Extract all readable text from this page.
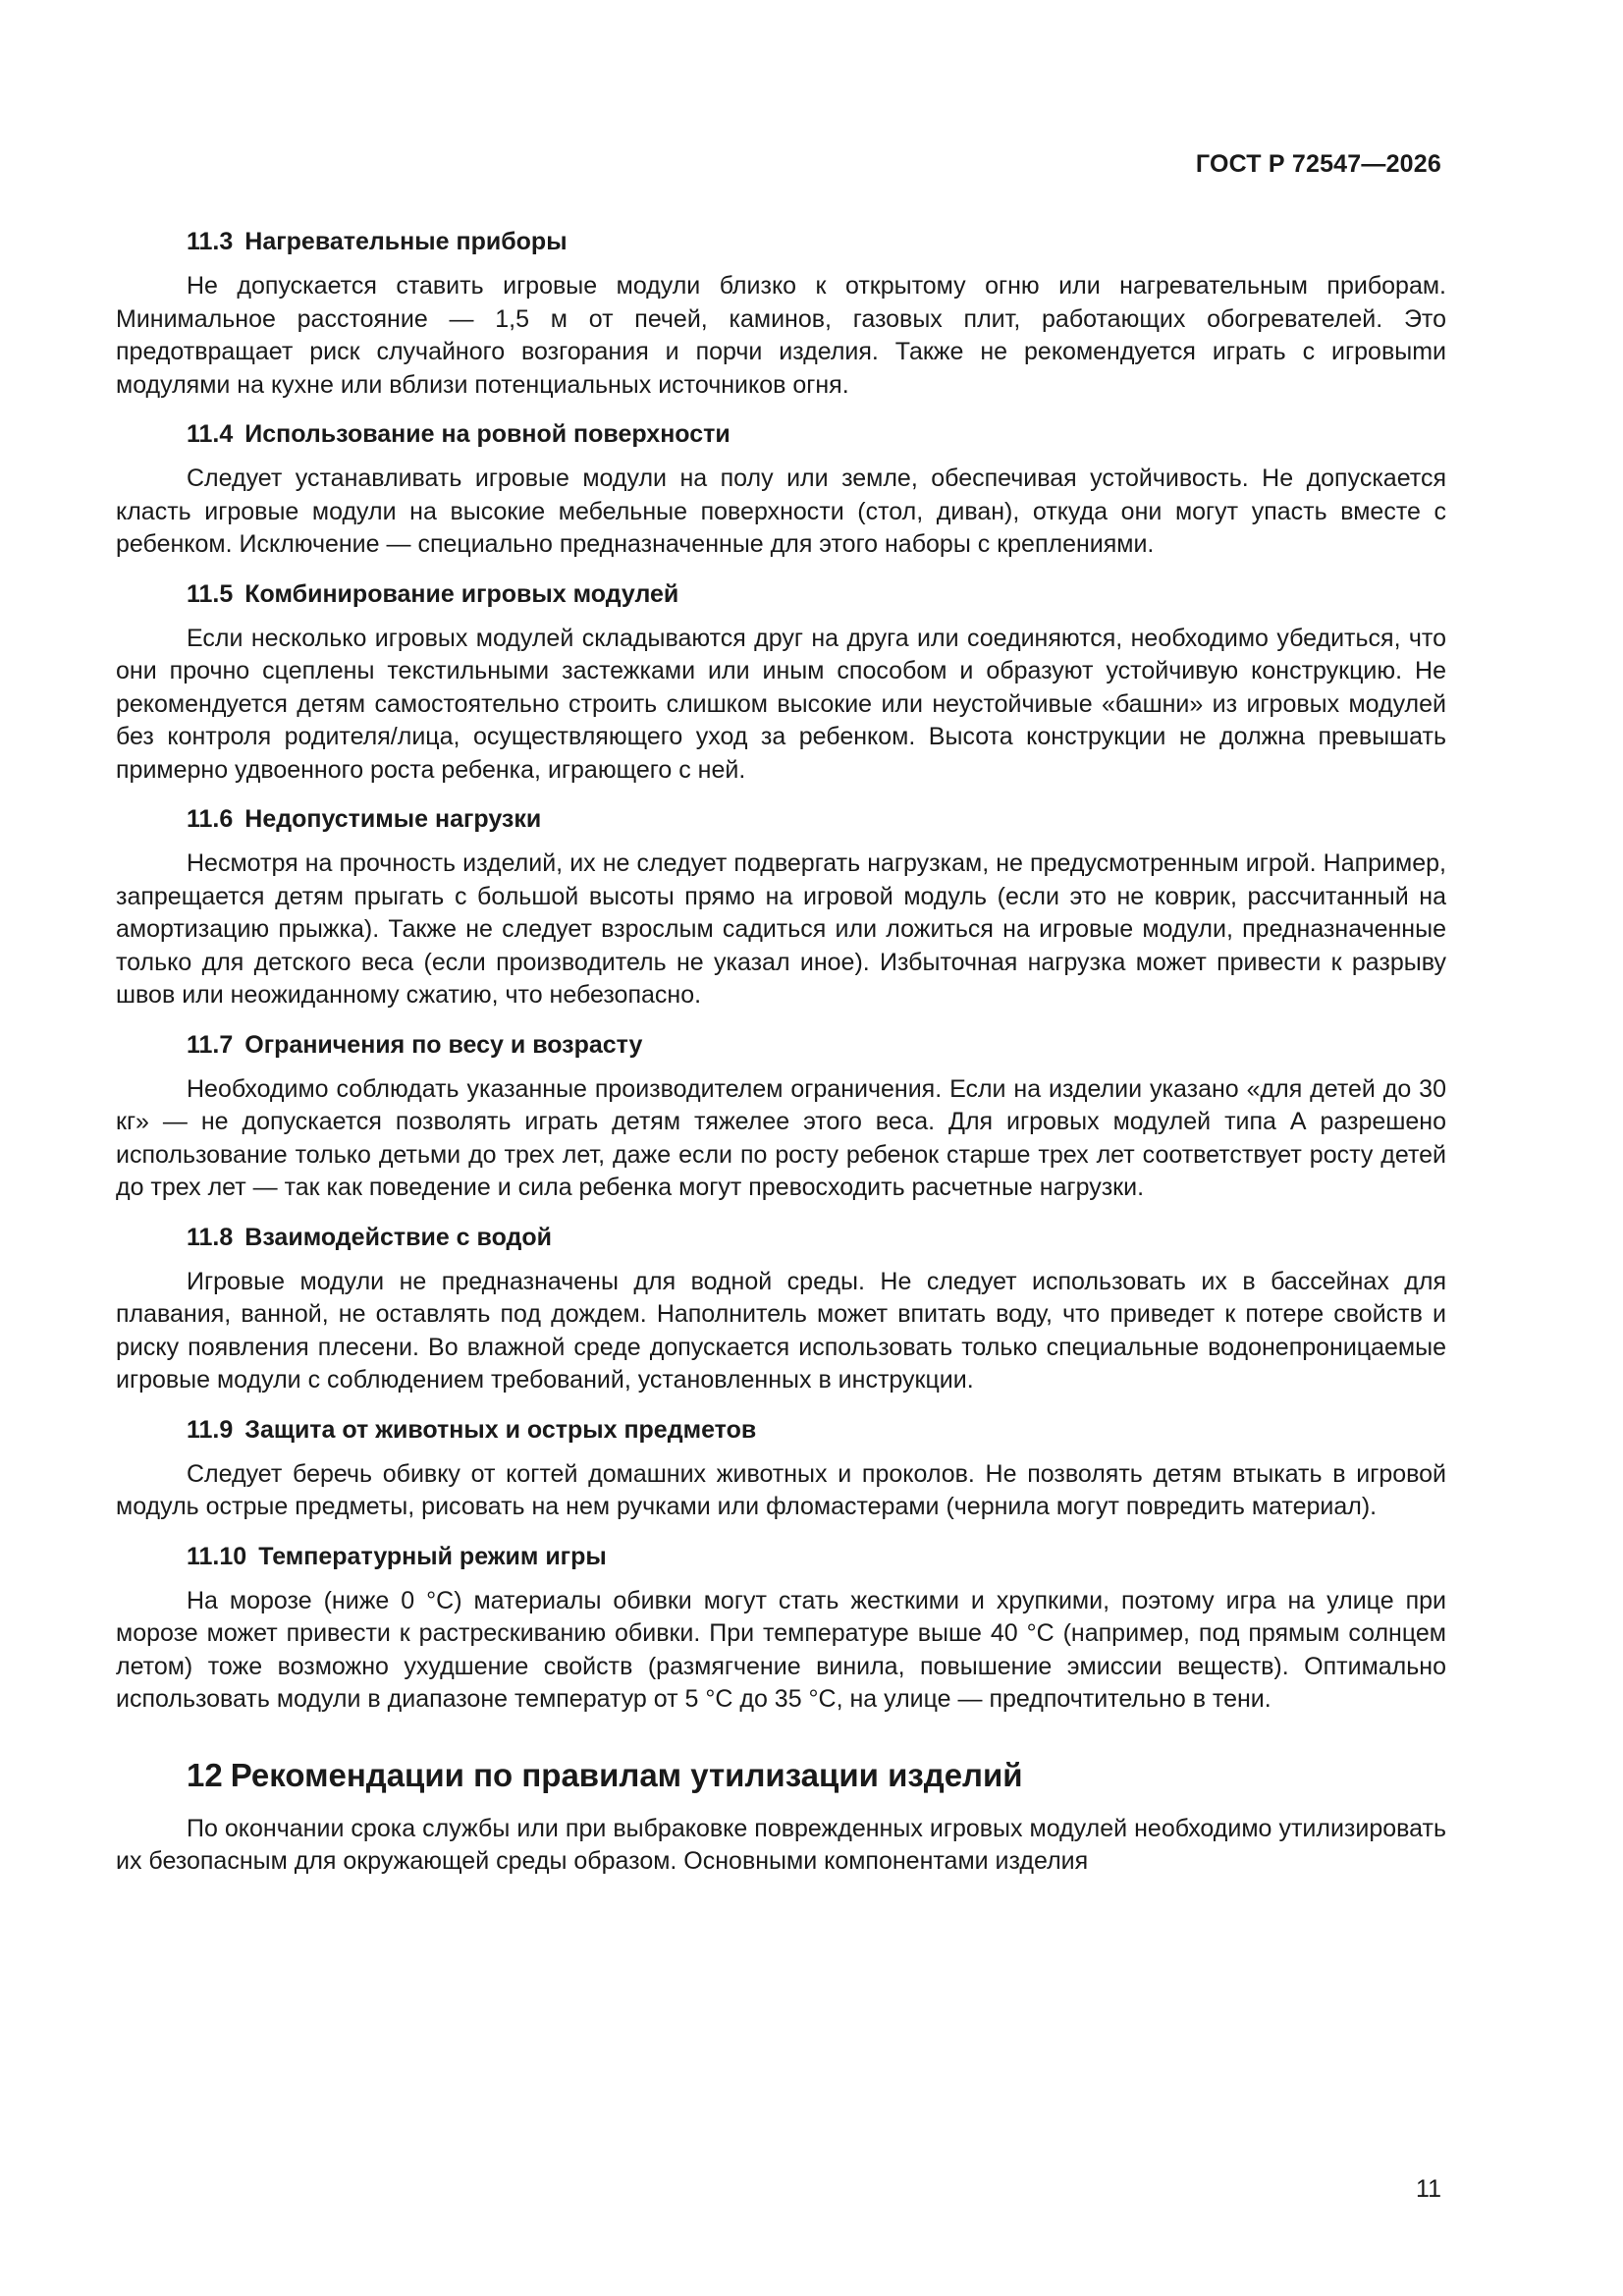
ГОСТ Р 72547—2026
11.3 Нагревательные приборы

Не допускается ставить игровые модули близко к открытому огню или нагревательным приборам. Минимальное расстояние — 1,5 м от печей, каминов, газовых плит, работающих обогревателей. Это предотвращает риск случайного возгорания и порчи изделия. Также не рекомендуется играть с игровыmи модулями на кухне или вблизи потенциальных источников огня.

11.4 Использование на ровной поверхности

Следует устанавливать игровые модули на полу или земле, обеспечивая устойчивость. Не допускается класть игровые модули на высокие мебельные поверхности (стол, диван), откуда они могут упасть вместе с ребенком. Исключение — специально предназначенные для этого наборы с креплениями.

11.5 Комбинирование игровых модулей

Если несколько игровых модулей складываются друг на друга или соединяются, необходимо убедиться, что они прочно сцеплены текстильными застежками или иным способом и образуют устойчивую конструкцию. Не рекомендуется детям самостоятельно строить слишком высокие или неустойчивые «башни» из игровых модулей без контроля родителя/лица, осуществляющего уход за ребенком. Высота конструкции не должна превышать примерно удвоенного роста ребенка, играющего с ней.

11.6 Недопустимые нагрузки

Несмотря на прочность изделий, их не следует подвергать нагрузкам, не предусмотренным игрой. Например, запрещается детям прыгать с большой высоты прямо на игровой модуль (если это не коврик, рассчитанный на амортизацию прыжка). Также не следует взрослым садиться или ложиться на игровые модули, предназначенные только для детского веса (если производитель не указал иное). Избыточная нагрузка может привести к разрыву швов или неожиданному сжатию, что небезопасно.

11.7 Ограничения по весу и возрасту

Необходимо соблюдать указанные производителем ограничения. Если на изделии указано «для детей до 30 кг» — не допускается позволять играть детям тяжелее этого веса. Для игровых модулей типа А разрешено использование только детьми до трех лет, даже если по росту ребенок старше трех лет соответствует росту детей до трех лет — так как поведение и сила ребенка могут превосходить расчетные нагрузки.

11.8 Взаимодействие с водой

Игровые модули не предназначены для водной среды. Не следует использовать их в бассейнах для плавания, ванной, не оставлять под дождем. Наполнитель может впитать воду, что приведет к потере свойств и риску появления плесени. Во влажной среде допускается использовать только специальные водонепроницаемые игровые модули с соблюдением требований, установленных в инструкции.

11.9 Защита от животных и острых предметов

Следует беречь обивку от когтей домашних животных и проколов. Не позволять детям втыкать в игровой модуль острые предметы, рисовать на нем ручками или фломастерами (чернила могут повредить материал).

11.10 Температурный режим игры

На морозе (ниже 0 °С) материалы обивки могут стать жесткими и хрупкими, поэтому игра на улице при морозе может привести к растрескиванию обивки. При температуре выше 40 °С (например, под прямым солнцем летом) тоже возможно ухудшение свойств (размягчение винила, повышение эмиссии веществ). Оптимально использовать модули в диапазоне температур от 5 °С до 35 °С, на улице — предпочтительно в тени.

12 Рекомендации по правилам утилизации изделий

По окончании срока службы или при выбраковке поврежденных игровых модулей необходимо утилизировать их безопасным для окружающей среды образом. Основными компонентами изделия

11
